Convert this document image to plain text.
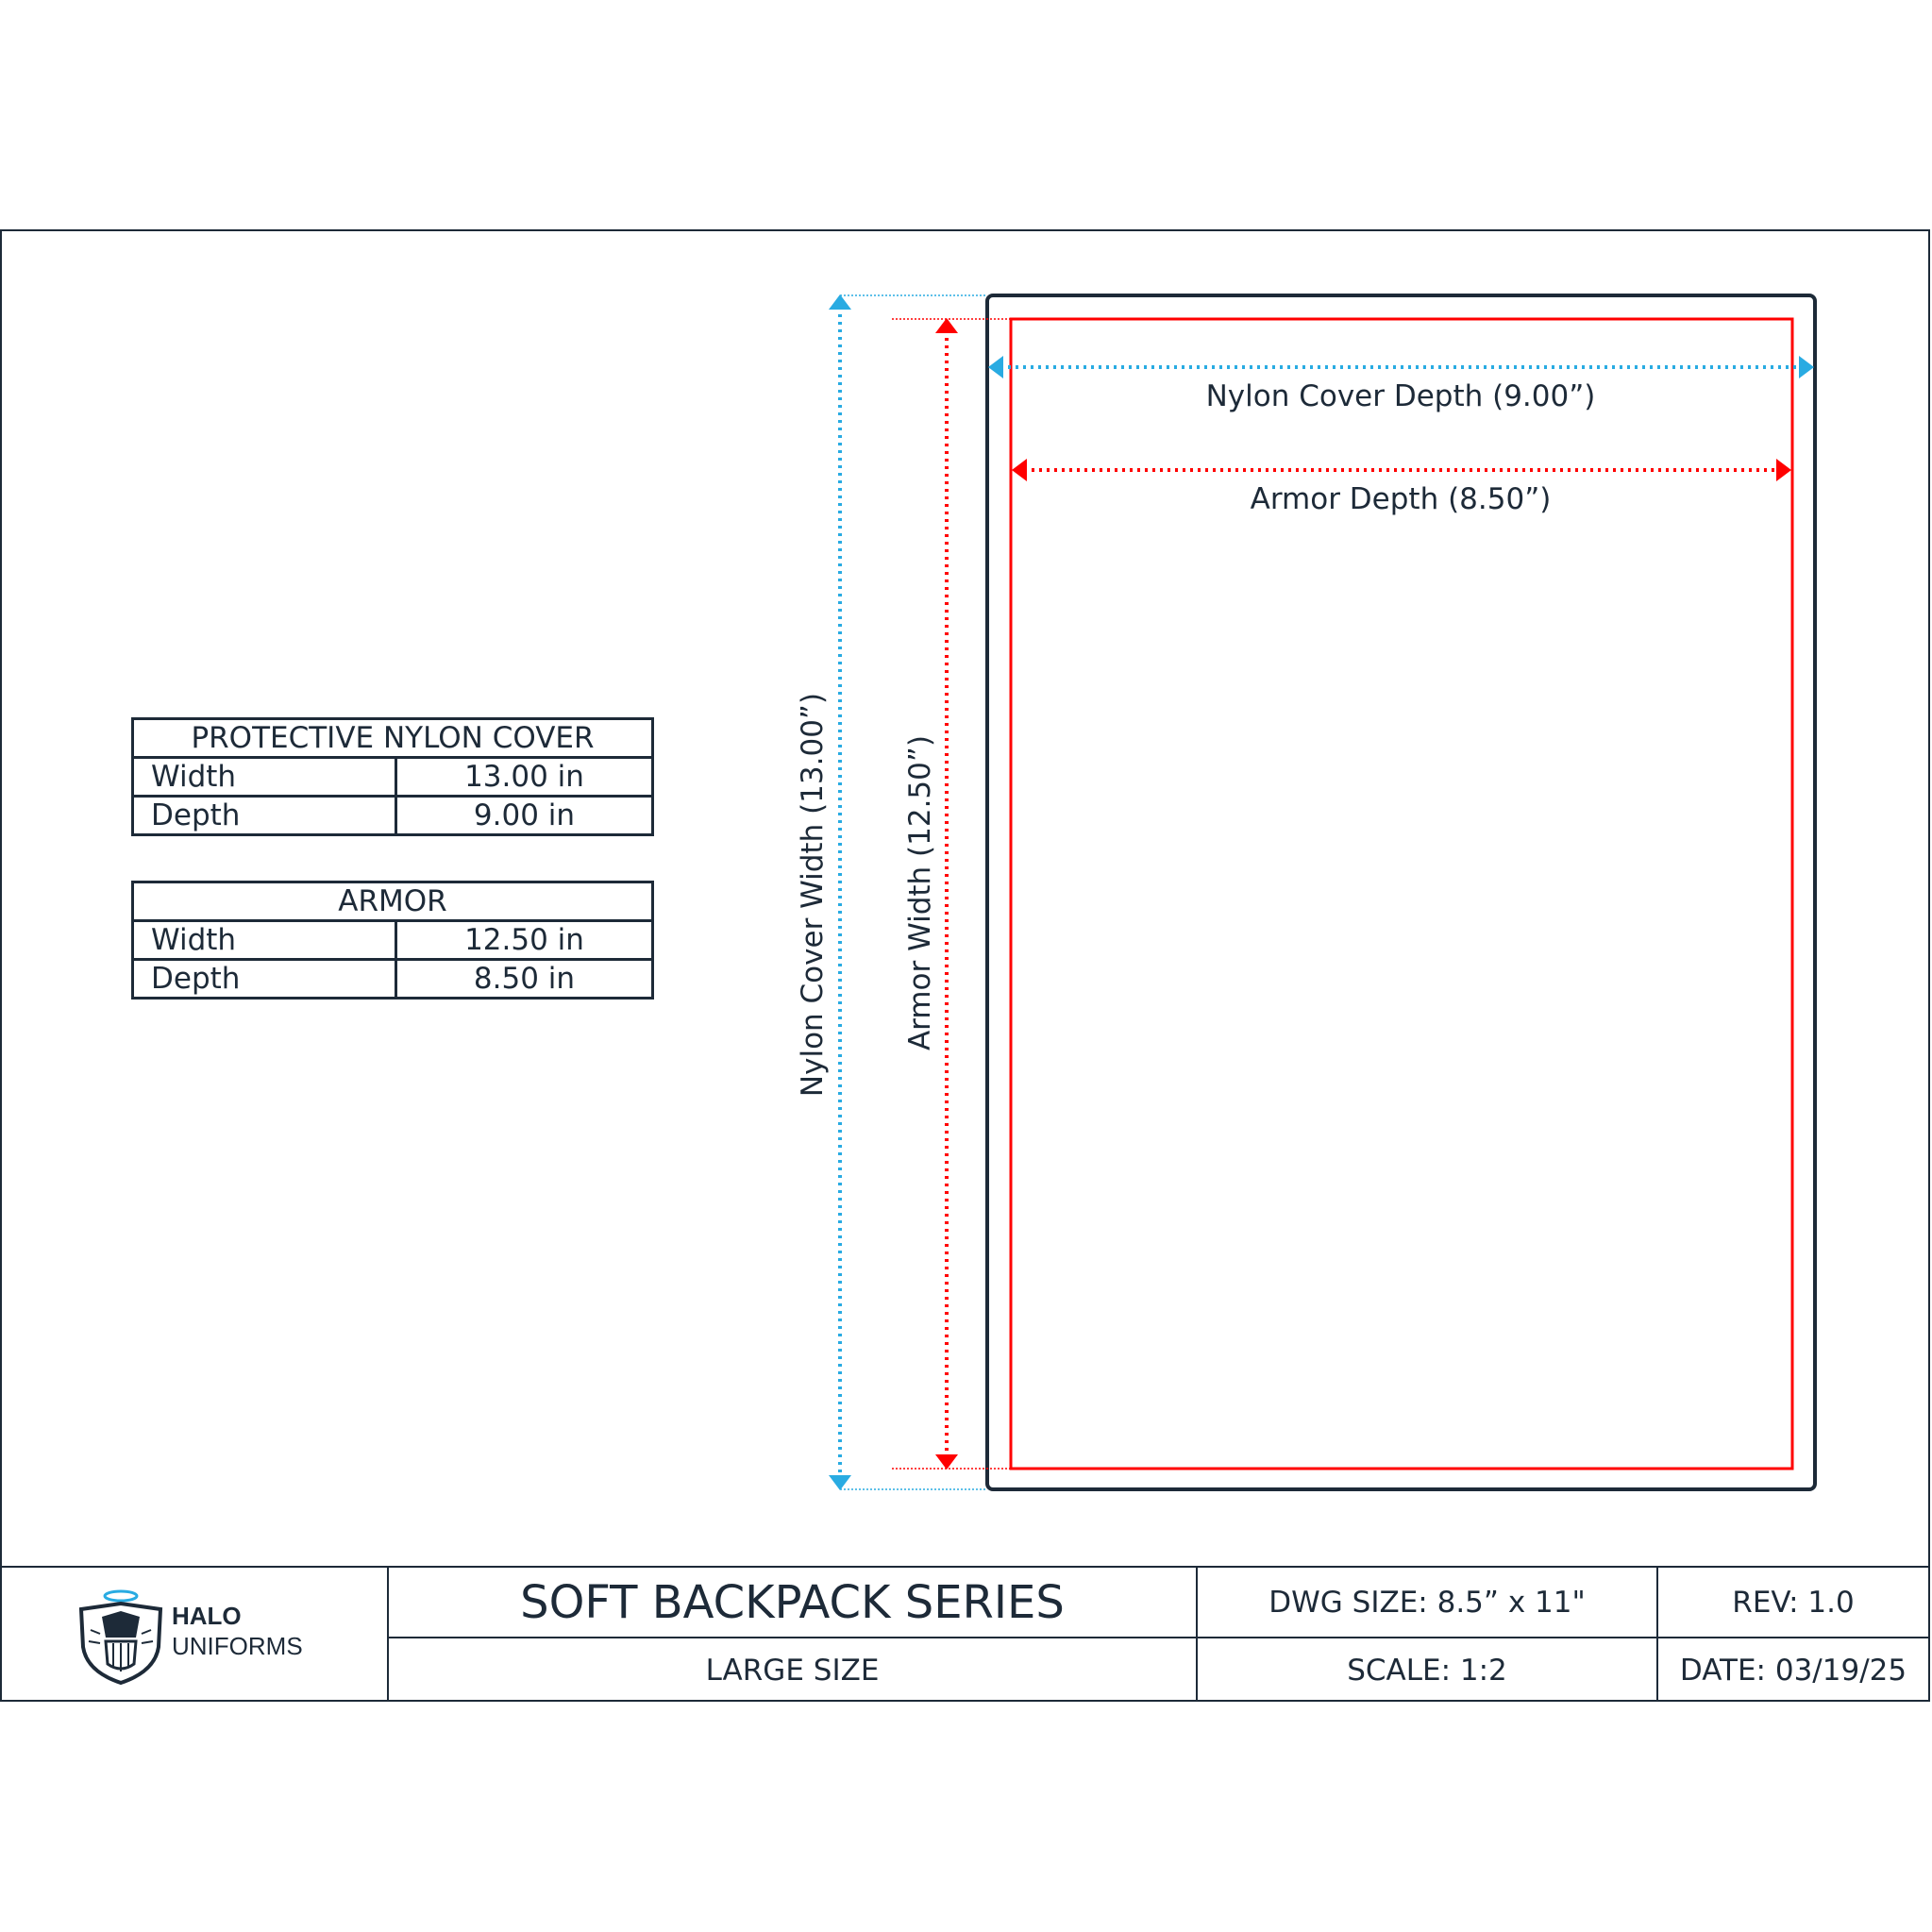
Nylon Cover Depth (9.00”)
Armor Depth (8.50”)
Nylon Cover Width (13.00”)	Armor Width (12.50”)
PROTECTIVE NYLON COVER	
Width	13.00 in
Depth	9.00 in
ARMOR	
Width	12.50 in
Depth	8.50 in
HALO
UNIFORMS
SOFT BACKPACK SERIES
LARGE SIZE
DWG SIZE: 8.5” x 11"
SCALE: 1:2
REV: 1.0
DATE: 03/19/25
